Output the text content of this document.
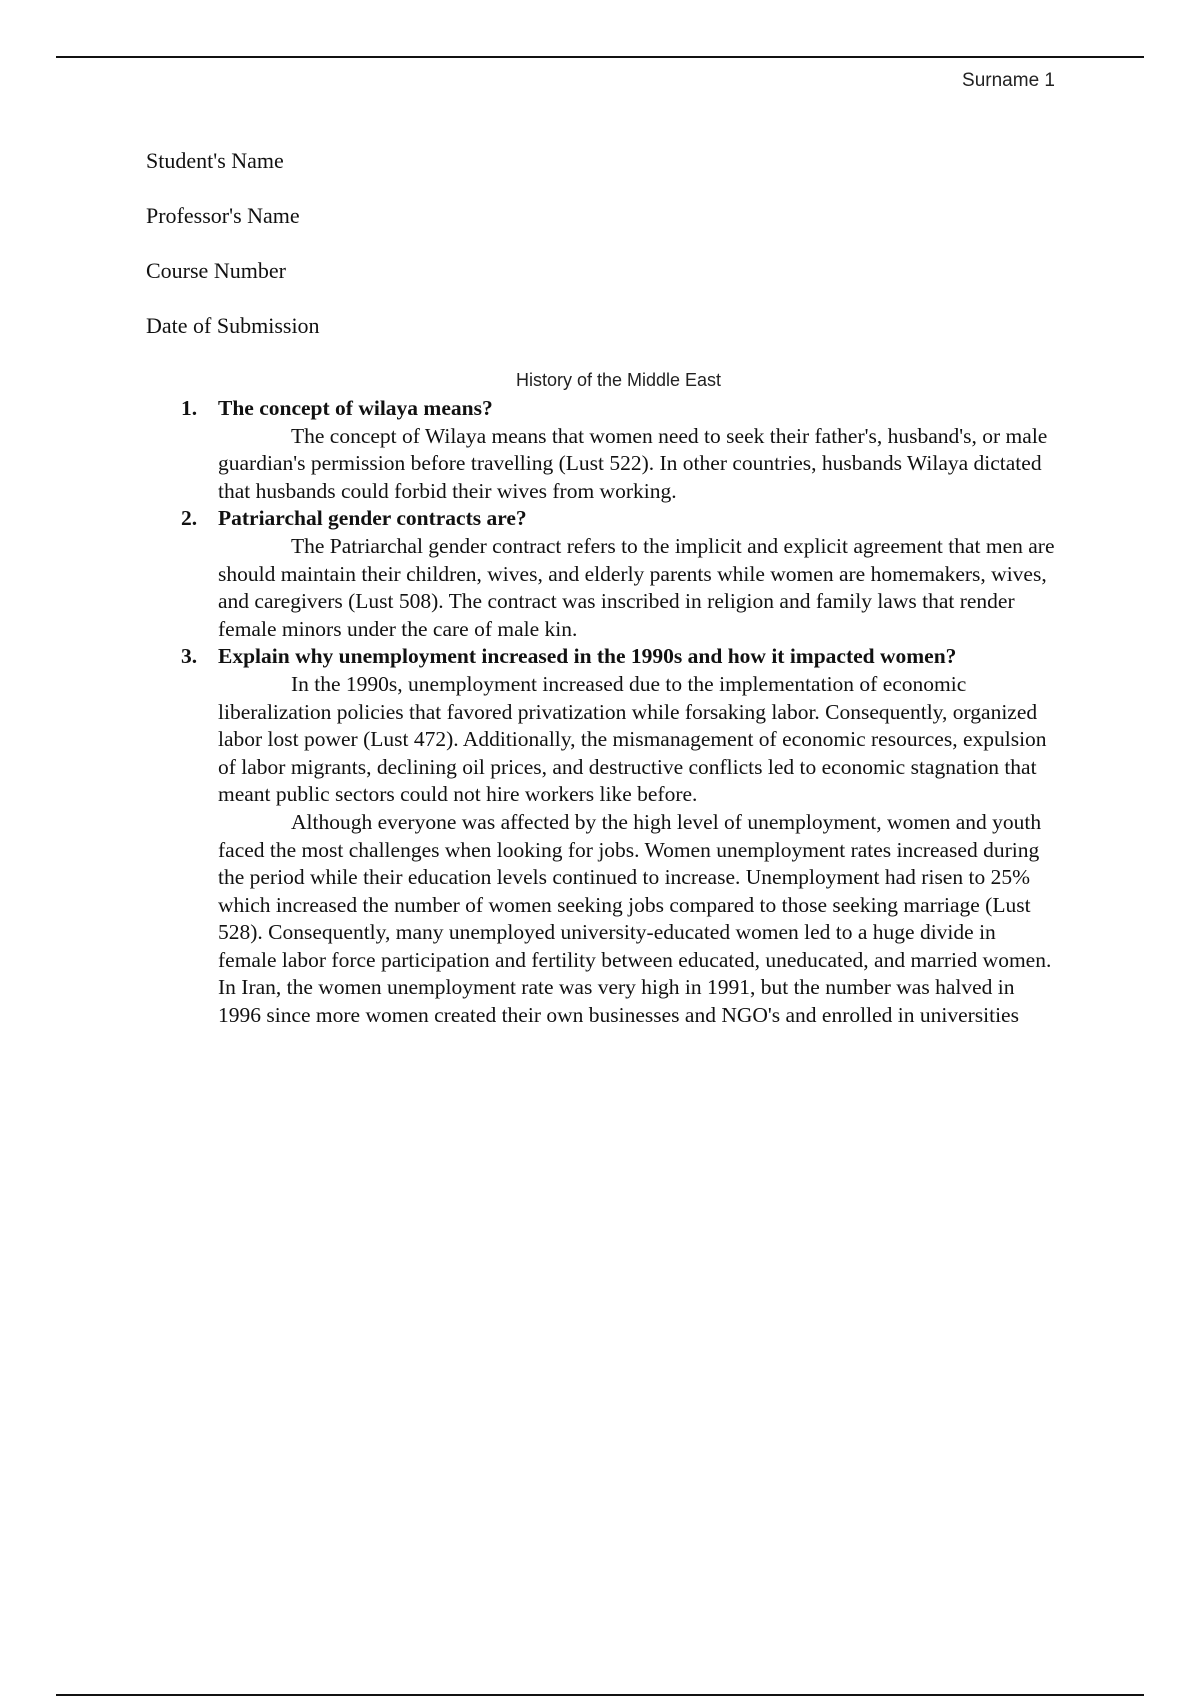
Surname 1
Student's Name
Professor's Name
Course Number
Date of Submission
History of the Middle East
1. The concept of wilaya means?

The concept of Wilaya means that women need to seek their father's, husband's, or male guardian's permission before travelling (Lust 522). In other countries, husbands Wilaya dictated that husbands could forbid their wives from working.

2. Patriarchal gender contracts are?

The Patriarchal gender contract refers to the implicit and explicit agreement that men are should maintain their children, wives, and elderly parents while women are homemakers, wives, and caregivers (Lust 508). The contract was inscribed in religion and family laws that render female minors under the care of male kin.

3. Explain why unemployment increased in the 1990s and how it impacted women?

In the 1990s, unemployment increased due to the implementation of economic liberalization policies that favored privatization while forsaking labor. Consequently, organized labor lost power (Lust 472). Additionally, the mismanagement of economic resources, expulsion of labor migrants, declining oil prices, and destructive conflicts led to economic stagnation that meant public sectors could not hire workers like before.

Although everyone was affected by the high level of unemployment, women and youth faced the most challenges when looking for jobs. Women unemployment rates increased during the period while their education levels continued to increase. Unemployment had risen to 25% which increased the number of women seeking jobs compared to those seeking marriage (Lust 528). Consequently, many unemployed university-educated women led to a huge divide in female labor force participation and fertility between educated, uneducated, and married women. In Iran, the women unemployment rate was very high in 1991, but the number was halved in 1996 since more women created their own businesses and NGO's and enrolled in universities
